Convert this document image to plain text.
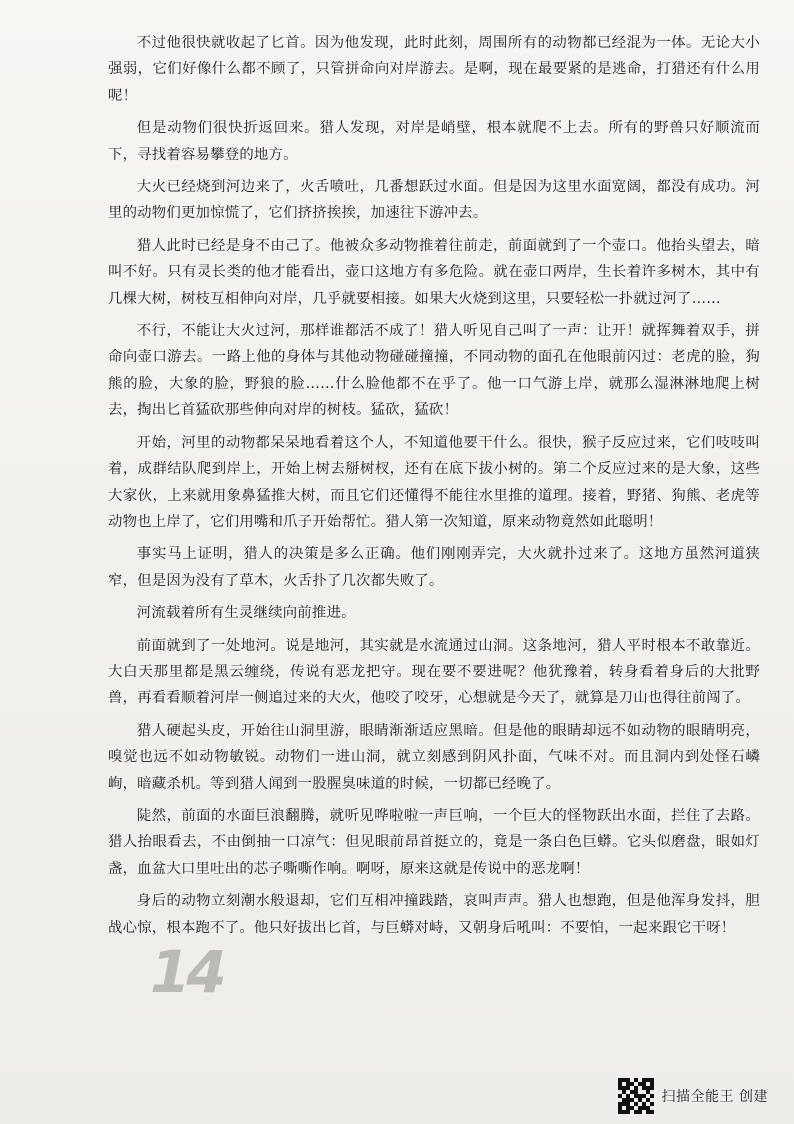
不过他很快就收起了匕首。因为他发现，此时此刻，周围所有的动物都已经混为一体。无论大小强弱，它们好像什么都不顾了，只管拼命向对岸游去。是啊，现在最要紧的是逃命，打猎还有什么用呢！

但是动物们很快折返回来。猎人发现，对岸是峭壁，根本就爬不上去。所有的野兽只好顺流而下，寻找着容易攀登的地方。

大火已经烧到河边来了，火舌喷吐，几番想跃过水面。但是因为这里水面宽阔，都没有成功。河里的动物们更加惊慌了，它们挤挤挨挨，加速往下游冲去。

猎人此时已经是身不由己了。他被众多动物推着往前走，前面就到了一个壶口。他抬头望去，暗叫不好。只有灵长类的他才能看出，壶口这地方有多危险。就在壶口两岸，生长着许多树木，其中有几棵大树，树枝互相伸向对岸，几乎就要相接。如果大火烧到这里，只要轻松一扑就过河了……

不行，不能让大火过河，那样谁都活不成了！猎人听见自己叫了一声：让开！就挥舞着双手，拼命向壶口游去。一路上他的身体与其他动物碰碰撞撞，不同动物的面孔在他眼前闪过：老虎的脸，狗熊的脸，大象的脸，野狼的脸……什么脸他都不在乎了。他一口气游上岸，就那么湿淋淋地爬上树去，掏出匕首猛砍那些伸向对岸的树枝。猛砍，猛砍！

开始，河里的动物都呆呆地看着这个人，不知道他要干什么。很快，猴子反应过来，它们吱吱叫着，成群结队爬到岸上，开始上树去掰树杈，还有在底下拔小树的。第二个反应过来的是大象，这些大家伙，上来就用象鼻猛推大树，而且它们还懂得不能往水里推的道理。接着，野猪、狗熊、老虎等动物也上岸了，它们用嘴和爪子开始帮忙。猎人第一次知道，原来动物竟然如此聪明！

事实马上证明，猎人的决策是多么正确。他们刚刚弄完，大火就扑过来了。这地方虽然河道狭窄，但是因为没有了草木，火舌扑了几次都失败了。

河流载着所有生灵继续向前推进。

前面就到了一处地河。说是地河，其实就是水流通过山洞。这条地河，猎人平时根本不敢靠近。大白天那里都是黑云缠绕，传说有恶龙把守。现在要不要进呢？他犹豫着，转身看着身后的大批野兽，再看看顺着河岸一侧追过来的大火，他咬了咬牙，心想就是今天了，就算是刀山也得往前闯了。

猎人硬起头皮，开始往山洞里游，眼睛渐渐适应黑暗。但是他的眼睛却远不如动物的眼睛明亮，嗅觉也远不如动物敏锐。动物们一进山洞，就立刻感到阴风扑面，气味不对。而且洞内到处怪石嶙峋，暗藏杀机。等到猎人闻到一股腥臭味道的时候，一切都已经晚了。

陡然，前面的水面巨浪翻腾，就听见哗啦啦一声巨响，一个巨大的怪物跃出水面，拦住了去路。猎人抬眼看去，不由倒抽一口凉气：但见眼前昂首挺立的，竟是一条白色巨蟒。它头似磨盘，眼如灯盏，血盆大口里吐出的芯子嘶嘶作响。啊呀，原来这就是传说中的恶龙啊！

身后的动物立刻潮水般退却，它们互相冲撞践踏，哀叫声声。猎人也想跑，但是他浑身发抖，胆战心惊，根本跑不了。他只好拔出匕首，与巨蟒对峙，又朝身后吼叫：不要怕，一起来跟它干呀！

14
扫描全能王 创建
